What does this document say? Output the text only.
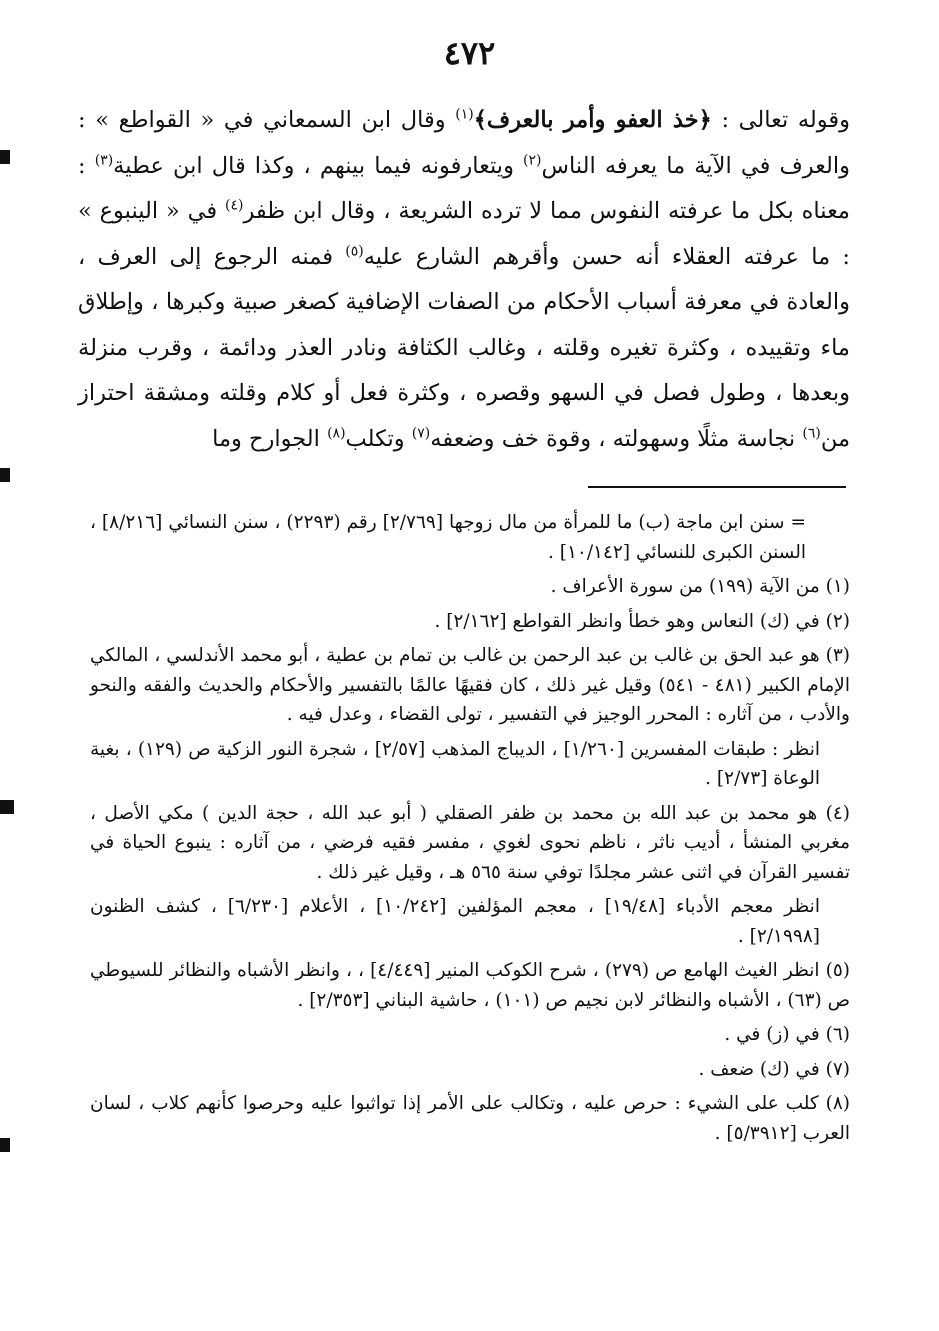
٤٧٢

وقوله تعالى : ﴿خذ العفو وأمر بالعرف﴾$^{(١)}$ وقال ابن السمعاني في « القواطع » : والعرف في الآية ما يعرفه الناس$^{(٢)}$ ويتعارفونه فيما بينهم ، وكذا قال ابن عطية$^{(٣)}$ : معناه بكل ما عرفته النفوس مما لا ترده الشريعة ، وقال ابن ظفر$^{(٤)}$ في « الينبوع » : ما عرفته العقلاء أنه حسن وأقرهم الشارع عليه$^{(٥)}$ فمنه الرجوع إلى العرف ، والعادة في معرفة أسباب الأحكام من الصفات الإضافية كصغر صبية وكبرها ، وإطلاق ماء وتقييده ، وكثرة تغيره وقلته ، وغالب الكثافة ونادر العذر ودائمة ، وقرب منزلة وبعدها ، وطول فصل في السهو وقصره ، وكثرة فعل أو كلام وقلته ومشقة احتراز من$^{(٦)}$ نجاسة مثلًا وسهولته ، وقوة خف وضعفه$^{(٧)}$ وتكلب$^{(٨)}$ الجوارح وما

= سنن ابن ماجة (ب) ما للمرأة من مال زوجها [٢/٧٦٩] رقم (٢٢٩٣) ، سنن النسائي [٨/٢١٦] ، السنن الكبرى للنسائي [١٠/١٤٢] .

(١) من الآية (١٩٩) من سورة الأعراف .

(٢) في (ك) النعاس وهو خطأ وانظر القواطع [٢/١٦٢] .

(٣) هو عبد الحق بن غالب بن عبد الرحمن بن غالب بن تمام بن عطية ، أبو محمد الأندلسي ، المالكي الإمام الكبير (٤٨١ - ٥٤١) وقيل غير ذلك ، كان فقيهًا عالمًا بالتفسير والأحكام والحديث والفقه والنحو والأدب ، من آثاره : المحرر الوجيز في التفسير ، تولى القضاء ، وعدل فيه .

انظر : طبقات المفسرين [١/٢٦٠] ، الديباج المذهب [٢/٥٧] ، شجرة النور الزكية ص (١٢٩) ، بغية الوعاة [٢/٧٣] .

(٤) هو محمد بن عبد الله بن محمد بن ظفر الصقلي ( أبو عبد الله ، حجة الدين ) مكي الأصل ، مغربي المنشأ ، أديب ناثر ، ناظم نحوى لغوي ، مفسر فقيه فرضي ، من آثاره : ينبوع الحياة في تفسير القرآن في اثنى عشر مجلدًا توفي سنة ٥٦٥ هـ ، وقيل غير ذلك .

انظر معجم الأدباء [١٩/٤٨] ، معجم المؤلفين [١٠/٢٤٢] ، الأعلام [٦/٢٣٠] ، كشف الظنون [٢/١٩٩٨] .

(٥) انظر الغيث الهامع ص (٢٧٩) ، شرح الكوكب المنير [٤/٤٤٩] ، ، وانظر الأشباه والنظائر للسيوطي ص (٦٣) ، الأشباه والنظائر لابن نجيم ص (١٠١) ، حاشية البناني [٢/٣٥٣] .

(٦) في (ز) في .

(٧) في (ك) ضعف .

(٨) كلب على الشيء : حرص عليه ، وتكالب على الأمر إذا تواثبوا عليه وحرصوا كأنهم كلاب ، لسان العرب [٥/٣٩١٢] .
